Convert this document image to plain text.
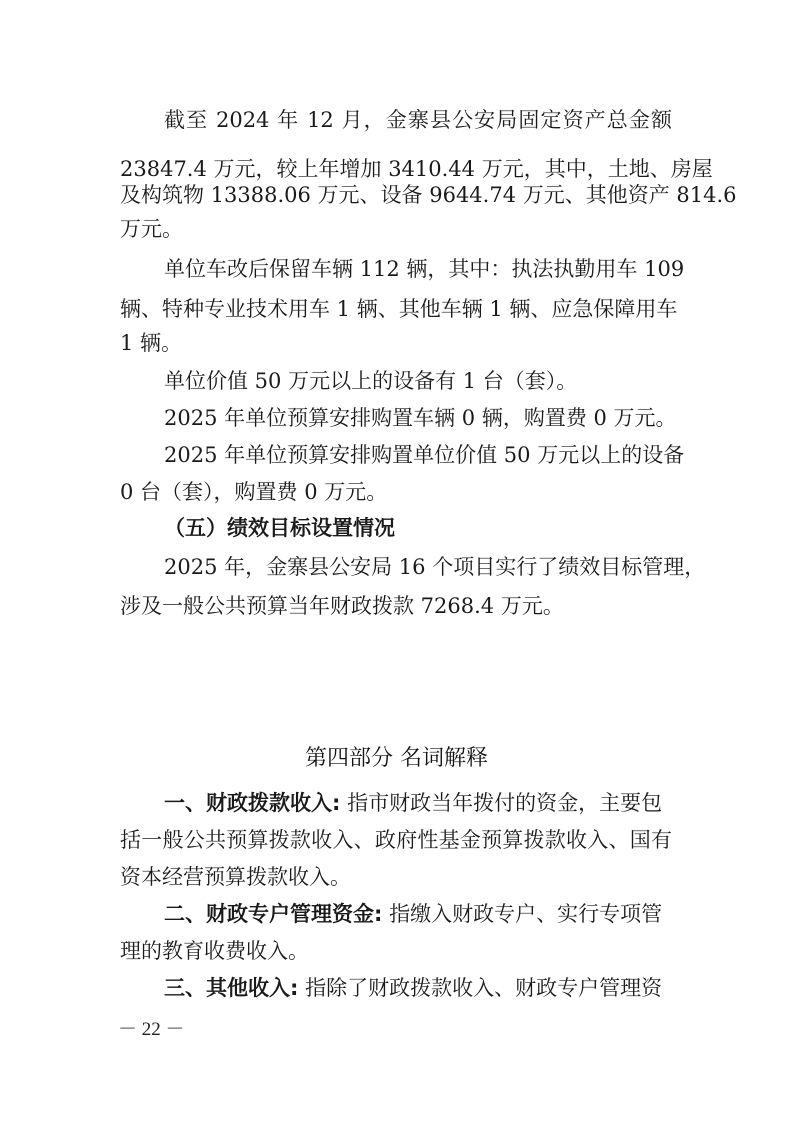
截至 2024 年 12 月，金寨县公安局固定资产总金额
23847.4 万元，较上年增加 3410.44 万元，其中，土地、房屋
及构筑物 13388.06 万元、设备 9644.74 万元、其他资产 814.6
万元。
单位车改后保留车辆 112 辆，其中：执法执勤用车 109
辆、特种专业技术用车 1 辆、其他车辆 1 辆、应急保障用车
1 辆。
单位价值 50 万元以上的设备有 1 台（套）。
2025 年单位预算安排购置车辆 0 辆，购置费 0 万元。
2025 年单位预算安排购置单位价值 50 万元以上的设备
0 台（套），购置费 0 万元。
（五）绩效目标设置情况
2025 年，金寨县公安局 16 个项目实行了绩效目标管理，
涉及一般公共预算当年财政拨款 7268.4 万元。
第四部分 名词解释
一、财政拨款收入: 指市财政当年拨付的资金，主要包
括一般公共预算拨款收入、政府性基金预算拨款收入、国有
资本经营预算拨款收入。
二、财政专户管理资金: 指缴入财政专户、实行专项管
理的教育收费收入。
三、其他收入: 指除了财政拨款收入、财政专户管理资
－ 22 －
